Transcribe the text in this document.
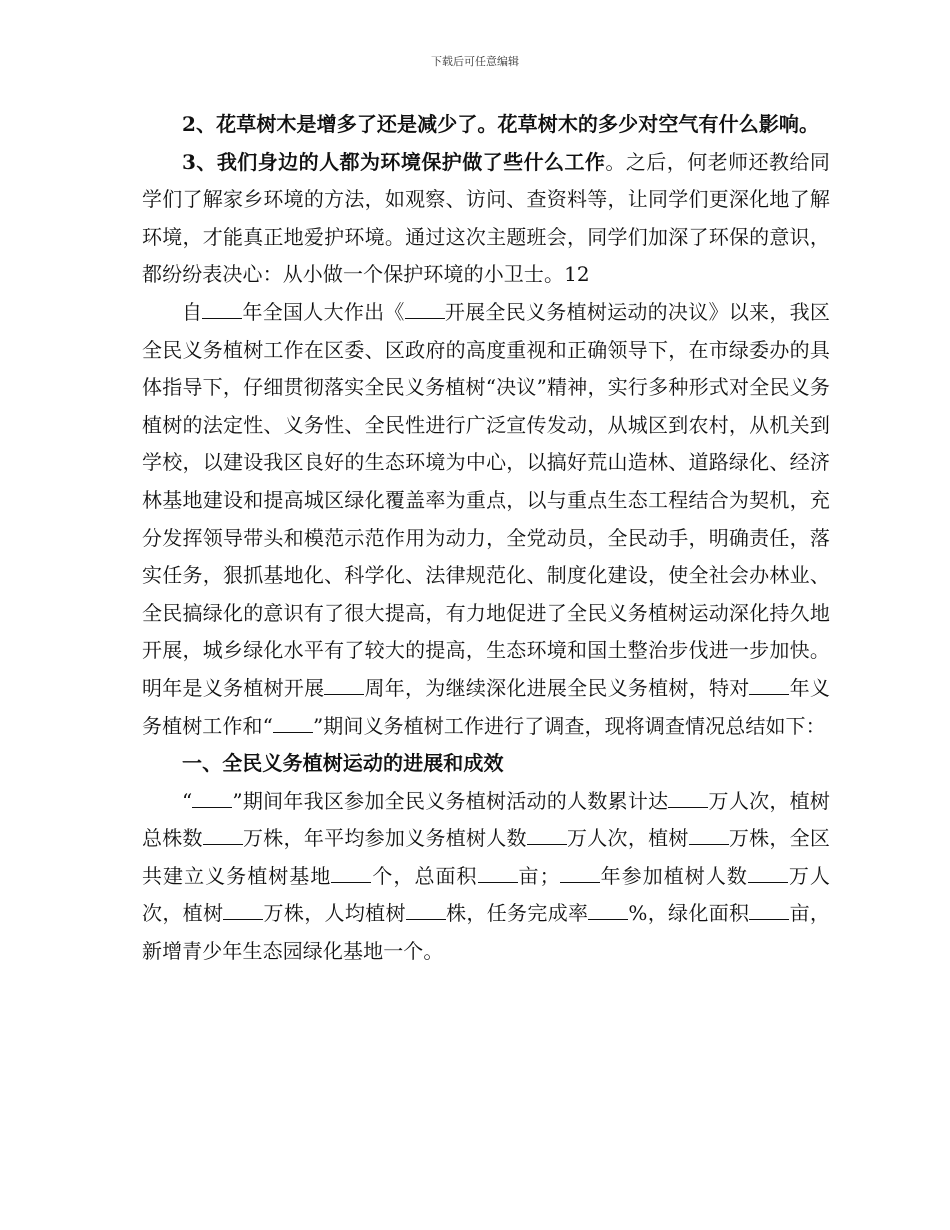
下载后可任意编辑

2、花草树木是增多了还是减少了。花草树木的多少对空气有什么影响。

3、我们身边的人都为环境保护做了些什么工作。之后，何老师还教给同学们了解家乡环境的方法，如观察、访问、查资料等，让同学们更深化地了解环境，才能真正地爱护环境。通过这次主题班会，同学们加深了环保的意识，都纷纷表决心：从小做一个保护环境的小卫士。12

自 年全国人大作出《 开展全民义务植树运动的决议》以来，我区全民义务植树工作在区委、区政府的高度重视和正确领导下，在市绿委办的具体指导下，仔细贯彻落实全民义务植树“决议”精神，实行多种形式对全民义务植树的法定性、义务性、全民性进行广泛宣传发动，从城区到农村，从机关到学校，以建设我区良好的生态环境为中心，以搞好荒山造林、道路绿化、经济林基地建设和提高城区绿化覆盖率为重点，以与重点生态工程结合为契机，充分发挥领导带头和模范示范作用为动力，全党动员，全民动手，明确责任，落实任务，狠抓基地化、科学化、法律规范化、制度化建设，使全社会办林业、全民搞绿化的意识有了很大提高，有力地促进了全民义务植树运动深化持久地开展，城乡绿化水平有了较大的提高，生态环境和国土整治步伐进一步加快。明年是义务植树开展 周年，为继续深化进展全民义务植树，特对 年义务植树工作和“ ”期间义务植树工作进行了调查，现将调查情况总结如下：

一、全民义务植树运动的进展和成效

“ ”期间年我区参加全民义务植树活动的人数累计达 万人次，植树总株数 万株，年平均参加义务植树人数 万人次，植树 万株，全区共建立义务植树基地 个，总面积 亩； 年参加植树人数 万人次，植树 万株，人均植树 株，任务完成率 %，绿化面积 亩，新增青少年生态园绿化基地一个。
